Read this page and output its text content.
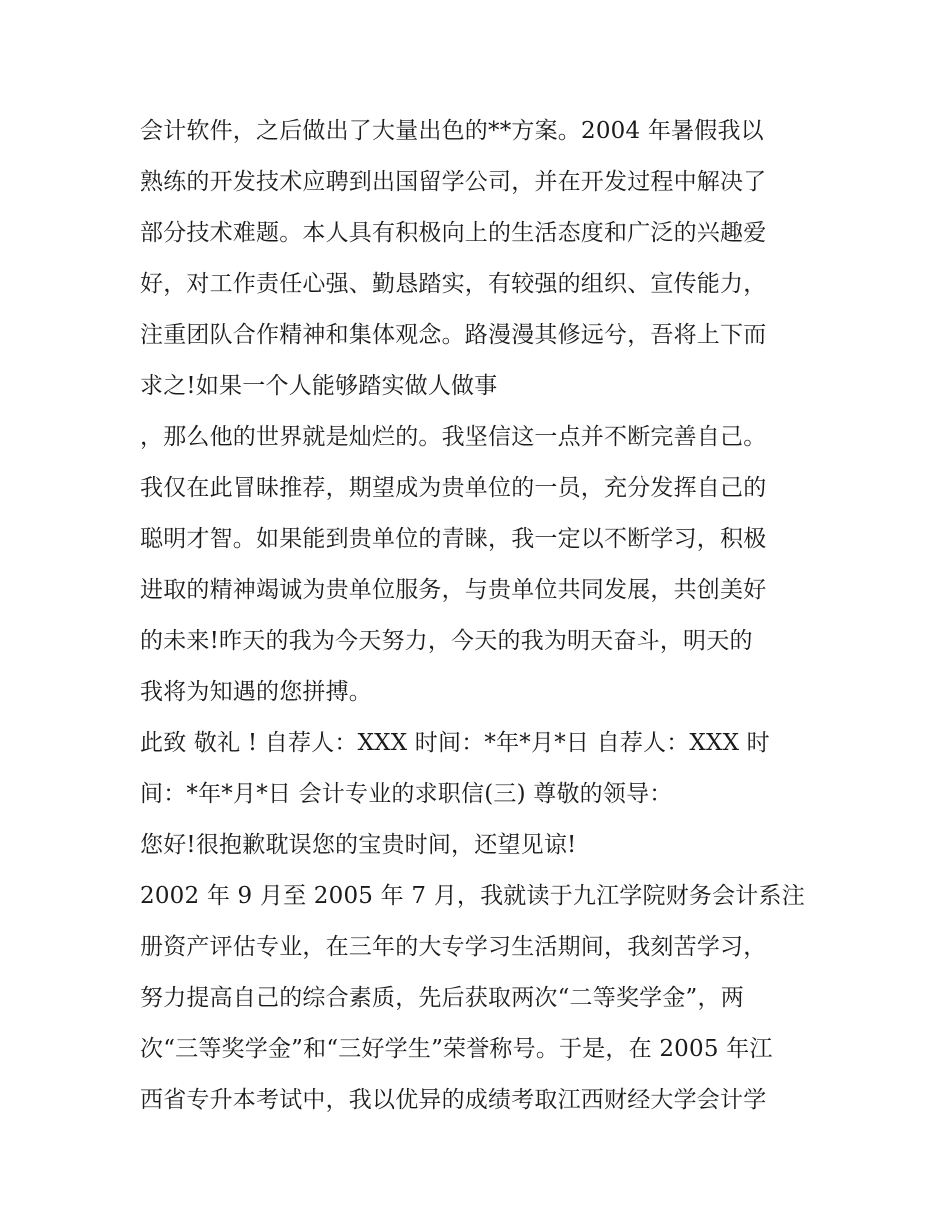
会计软件，之后做出了大量出色的**方案。2004 年暑假我以
熟练的开发技术应聘到出国留学公司，并在开发过程中解决了
部分技术难题。本人具有积极向上的生活态度和广泛的兴趣爱
好，对工作责任心强、勤恳踏实，有较强的组织、宣传能力，
注重团队合作精神和集体观念。路漫漫其修远兮，吾将上下而
求之!如果一个人能够踏实做人做事
，那么他的世界就是灿烂的。我坚信这一点并不断完善自己。
我仅在此冒昧推荐，期望成为贵单位的一员，充分发挥自己的
聪明才智。如果能到贵单位的青睐，我一定以不断学习，积极
进取的精神竭诚为贵单位服务，与贵单位共同发展，共创美好
的未来!昨天的我为今天努力，今天的我为明天奋斗，明天的
我将为知遇的您拼搏。
此致 敬礼 ! 自荐人：XXX 时间：*年*月*日 自荐人：XXX 时
间：*年*月*日 会计专业的求职信(三) 尊敬的领导：
您好!很抱歉耽误您的宝贵时间，还望见谅!
2002 年 9 月至 2005 年 7 月，我就读于九江学院财务会计系注
册资产评估专业，在三年的大专学习生活期间，我刻苦学习，
努力提高自己的综合素质，先后获取两次“二等奖学金”，两
次“三等奖学金”和“三好学生”荣誉称号。于是，在 2005 年江
西省专升本考试中，我以优异的成绩考取江西财经大学会计学
